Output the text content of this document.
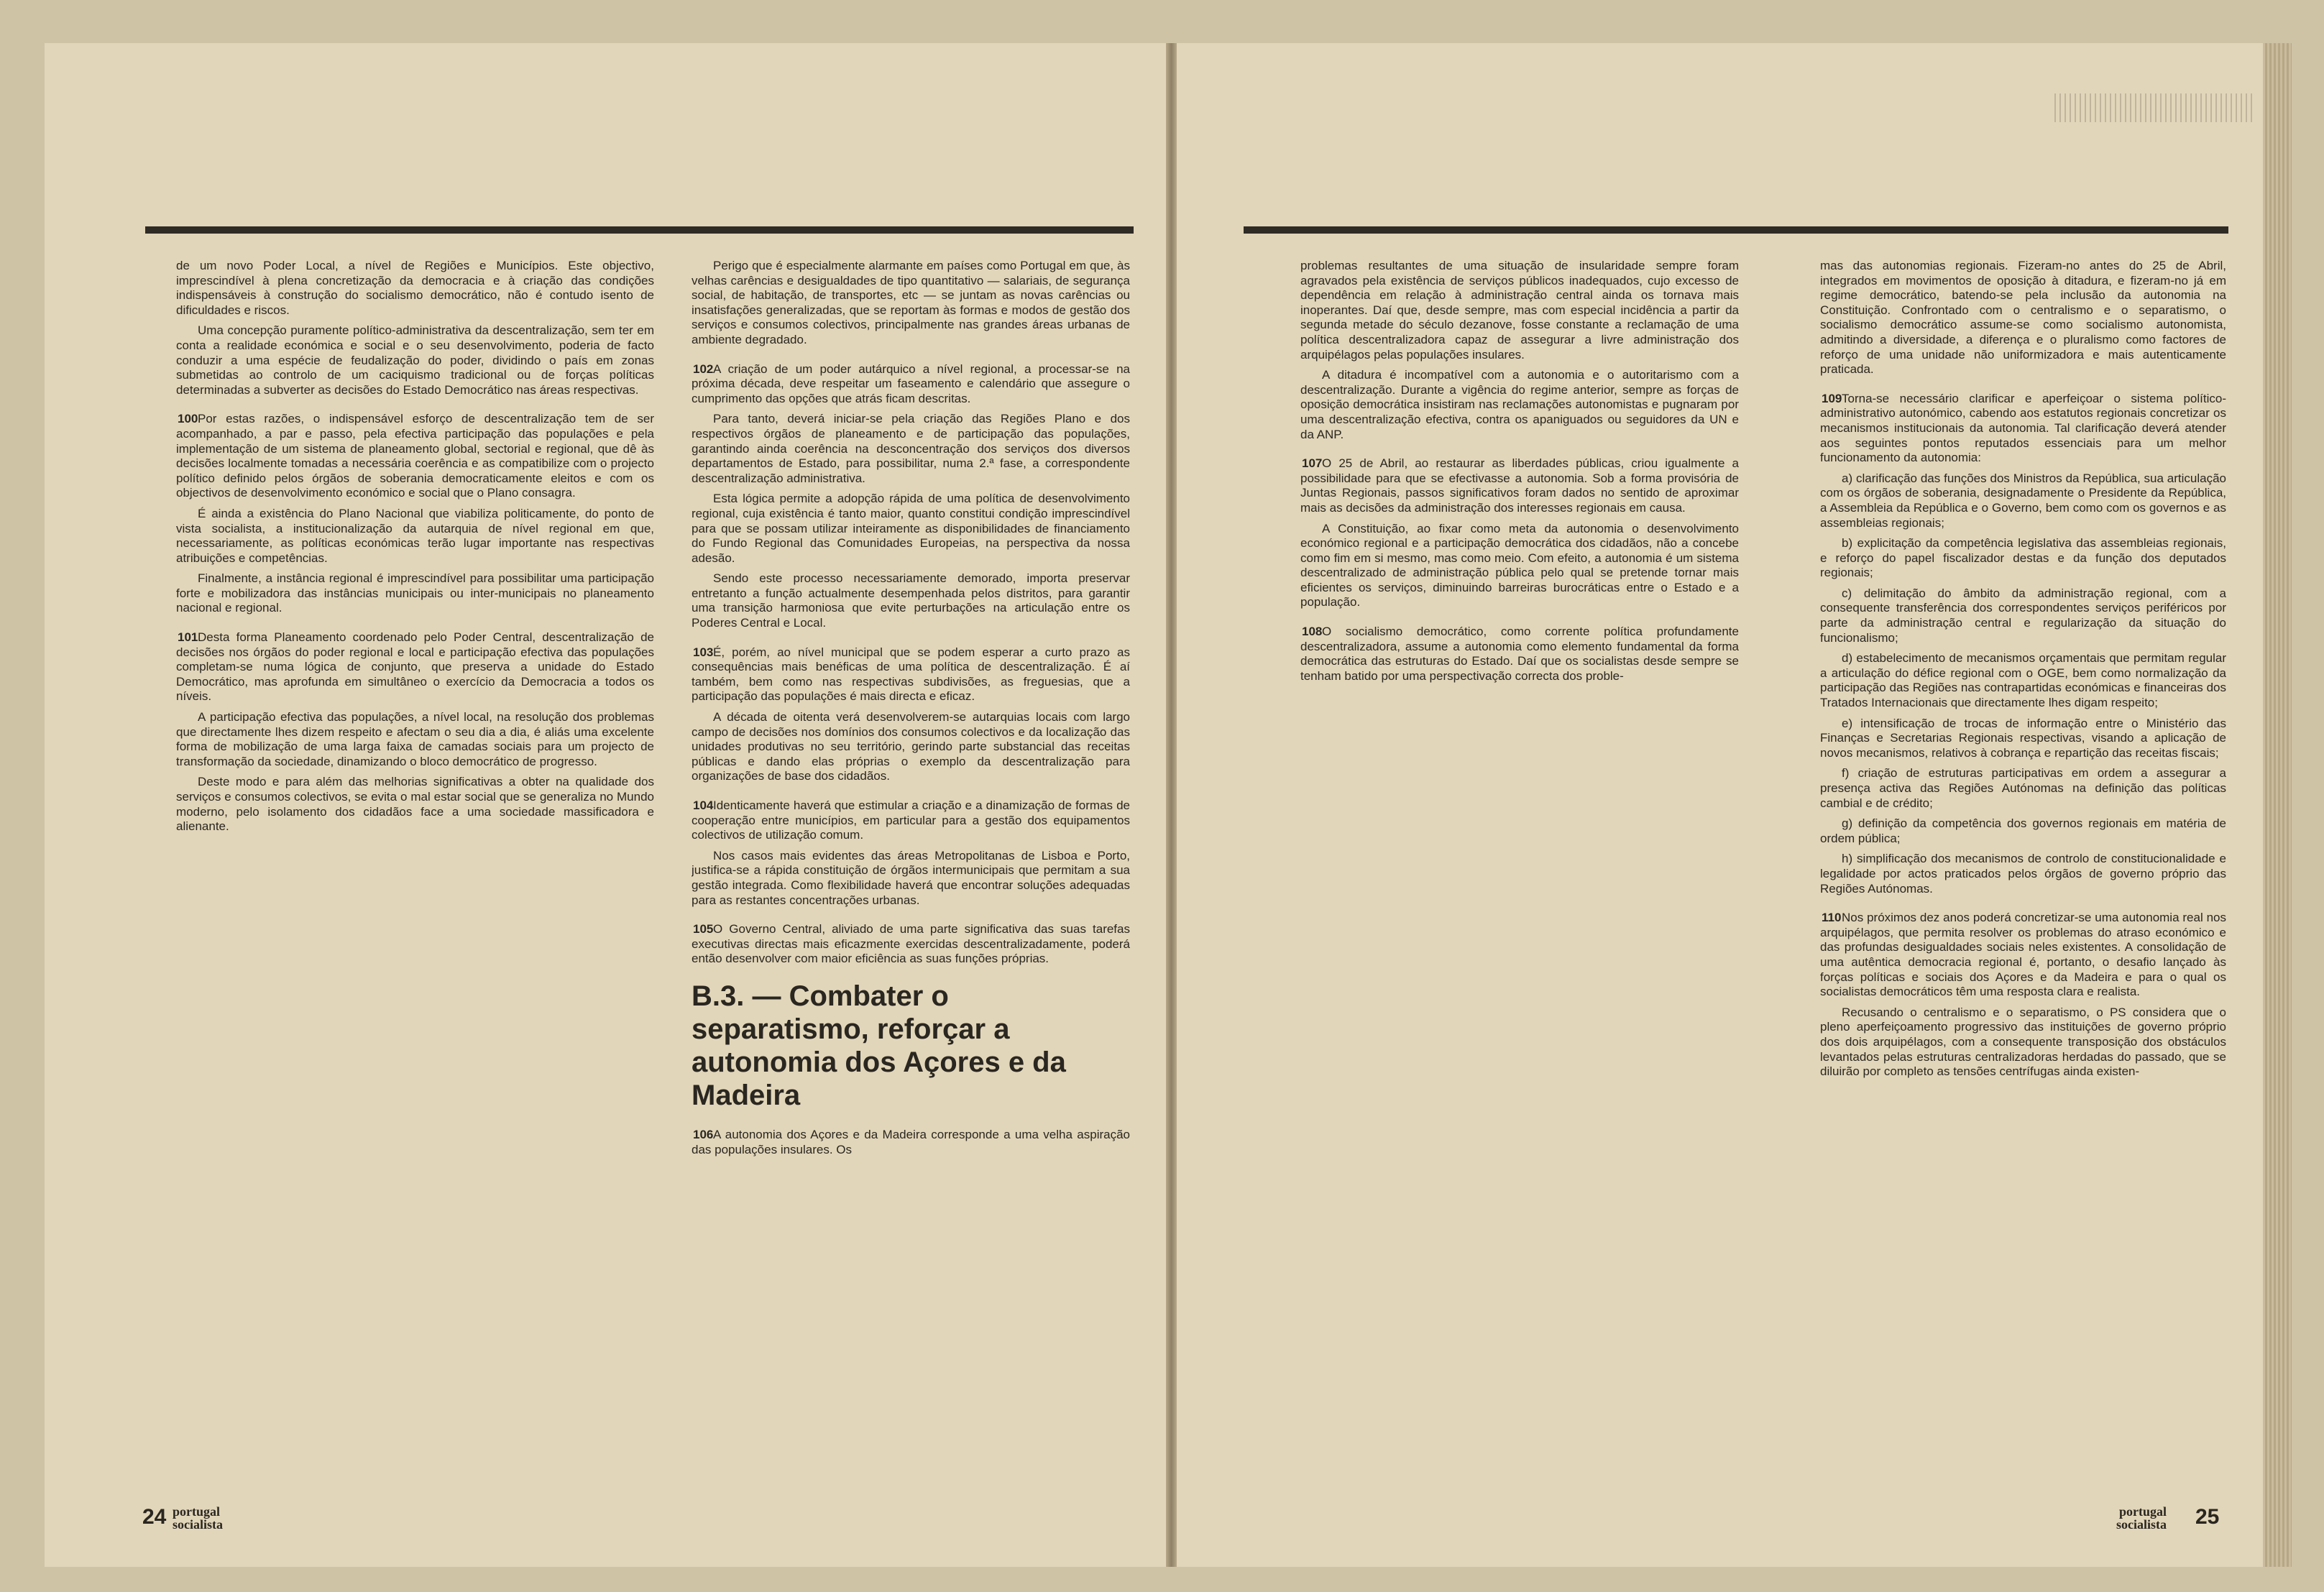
de um novo Poder Local, a nível de Regiões e Municípios. Este objectivo, imprescindível à plena concretização da democracia e à criação das condições indispensáveis à construção do socialismo democrático, não é contudo isento de dificuldades e riscos.

Uma concepção puramente político-administrativa da descentralização, sem ter em conta a realidade económica e social e o seu desenvolvimento, poderia de facto conduzir a uma espécie de feudalização do poder, dividindo o país em zonas submetidas ao controlo de um caciquismo tradicional ou de forças políticas determinadas a subverter as decisões do Estado Democrático nas áreas respectivas.

100 Por estas razões, o indispensável esforço de descentralização tem de ser acompanhado, a par e passo, pela efectiva participação das populações e pela implementação de um sistema de planeamento global, sectorial e regional, que dê às decisões localmente tomadas a necessária coerência e as compatibilize com o projecto político definido pelos órgãos de soberania democraticamente eleitos e com os objectivos de desenvolvimento económico e social que o Plano consagra.

É ainda a existência do Plano Nacional que viabiliza politicamente, do ponto de vista socialista, a institucionalização da autarquia de nível regional em que, necessariamente, as políticas económicas terão lugar importante nas respectivas atribuições e competências.

Finalmente, a instância regional é imprescindível para possibilitar uma participação forte e mobilizadora das instâncias municipais ou inter-municipais no planeamento nacional e regional.

101 Desta forma Planeamento coordenado pelo Poder Central, descentralização de decisões nos órgãos do poder regional e local e participação efectiva das populações completam-se numa lógica de conjunto, que preserva a unidade do Estado Democrático, mas aprofunda em simultâneo o exercício da Democracia a todos os níveis.

A participação efectiva das populações, a nível local, na resolução dos problemas que directamente lhes dizem respeito e afectam o seu dia a dia, é aliás uma excelente forma de mobilização de uma larga faixa de camadas sociais para um projecto de transformação da sociedade, dinamizando o bloco democrático de progresso.

Deste modo e para além das melhorias significativas a obter na qualidade dos serviços e consumos colectivos, se evita o mal estar social que se generaliza no Mundo moderno, pelo isolamento dos cidadãos face a uma sociedade massificadora e alienante.

Perigo que é especialmente alarmante em países como Portugal em que, às velhas carências e desigualdades de tipo quantitativo — salariais, de segurança social, de habitação, de transportes, etc — se juntam as novas carências ou insatisfações generalizadas, que se reportam às formas e modos de gestão dos serviços e consumos colectivos, principalmente nas grandes áreas urbanas de ambiente degradado.

102 A criação de um poder autárquico a nível regional, a processar-se na próxima década, deve respeitar um faseamento e calendário que assegure o cumprimento das opções que atrás ficam descritas.

Para tanto, deverá iniciar-se pela criação das Regiões Plano e dos respectivos órgãos de planeamento e de participação das populações, garantindo ainda coerência na desconcentração dos serviços dos diversos departamentos de Estado, para possibilitar, numa 2.ª fase, a correspondente descentralização administrativa.

Esta lógica permite a adopção rápida de uma política de desenvolvimento regional, cuja existência é tanto maior, quanto constitui condição imprescindível para que se possam utilizar inteiramente as disponibilidades de financiamento do Fundo Regional das Comunidades Europeias, na perspectiva da nossa adesão.

Sendo este processo necessariamente demorado, importa preservar entretanto a função actualmente desempenhada pelos distritos, para garantir uma transição harmoniosa que evite perturbações na articulação entre os Poderes Central e Local.

103 É, porém, ao nível municipal que se podem esperar a curto prazo as consequências mais benéficas de uma política de descentralização. É aí também, bem como nas respectivas subdivisões, as freguesias, que a participação das populações é mais directa e eficaz.

A década de oitenta verá desenvolverem-se autarquias locais com largo campo de decisões nos domínios dos consumos colectivos e da localização das unidades produtivas no seu território, gerindo parte substancial das receitas públicas e dando elas próprias o exemplo da descentralização para organizações de base dos cidadãos.

104 Identicamente haverá que estimular a criação e a dinamização de formas de cooperação entre municípios, em particular para a gestão dos equipamentos colectivos de utilização comum.

Nos casos mais evidentes das áreas Metropolitanas de Lisboa e Porto, justifica-se a rápida constituição de órgãos intermunicipais que permitam a sua gestão integrada. Como flexibilidade haverá que encontrar soluções adequadas para as restantes concentrações urbanas.

105 O Governo Central, aliviado de uma parte significativa das suas tarefas executivas directas mais eficazmente exercidas descentralizadamente, poderá então desenvolver com maior eficiência as suas funções próprias.

B.3. — Combater o separatismo, reforçar a autonomia dos Açores e da Madeira

106 A autonomia dos Açores e da Madeira corresponde a uma velha aspiração das populações insulares. Os

24 portugal
socialista

problemas resultantes de uma situação de insularidade sempre foram agravados pela existência de serviços públicos inadequados, cujo excesso de dependência em relação à administração central ainda os tornava mais inoperantes. Daí que, desde sempre, mas com especial incidência a partir da segunda metade do século dezanove, fosse constante a reclamação de uma política descentralizadora capaz de assegurar a livre administração dos arquipélagos pelas populações insulares.

A ditadura é incompatível com a autonomia e o autoritarismo com a descentralização. Durante a vigência do regime anterior, sempre as forças de oposição democrática insistiram nas reclamações autonomistas e pugnaram por uma descentralização efectiva, contra os apaniguados ou seguidores da UN e da ANP.

107 O 25 de Abril, ao restaurar as liberdades públicas, criou igualmente a possibilidade para que se efectivasse a autonomia. Sob a forma provisória de Juntas Regionais, passos significativos foram dados no sentido de aproximar mais as decisões da administração dos interesses regionais em causa.

A Constituição, ao fixar como meta da autonomia o desenvolvimento económico regional e a participação democrática dos cidadãos, não a concebe como fim em si mesmo, mas como meio. Com efeito, a autonomia é um sistema descentralizado de administração pública pelo qual se pretende tornar mais eficientes os serviços, diminuindo barreiras burocráticas entre o Estado e a população.

108 O socialismo democrático, como corrente política profundamente descentralizadora, assume a autonomia como elemento fundamental da forma democrática das estruturas do Estado. Daí que os socialistas desde sempre se tenham batido por uma perspectivação correcta dos proble-

mas das autonomias regionais. Fizeram-no antes do 25 de Abril, integrados em movimentos de oposição à ditadura, e fizeram-no já em regime democrático, batendo-se pela inclusão da autonomia na Constituição. Confrontado com o centralismo e o separatismo, o socialismo democrático assume-se como socialismo autonomista, admitindo a diversidade, a diferença e o pluralismo como factores de reforço de uma unidade não uniformizadora e mais autenticamente praticada.

109 Torna-se necessário clarificar e aperfeiçoar o sistema político-administrativo autonómico, cabendo aos estatutos regionais concretizar os mecanismos institucionais da autonomia. Tal clarificação deverá atender aos seguintes pontos reputados essenciais para um melhor funcionamento da autonomia:

a) clarificação das funções dos Ministros da República, sua articulação com os órgãos de soberania, designadamente o Presidente da República, a Assembleia da República e o Governo, bem como com os governos e as assembleias regionais;

b) explicitação da competência legislativa das assembleias regionais, e reforço do papel fiscalizador destas e da função dos deputados regionais;

c) delimitação do âmbito da administração regional, com a consequente transferência dos correspondentes serviços periféricos por parte da administração central e regularização da situação do funcionalismo;

d) estabelecimento de mecanismos orçamentais que permitam regular a articulação do défice regional com o OGE, bem como normalização da participação das Regiões nas contrapartidas económicas e financeiras dos Tratados Internacionais que directamente lhes digam respeito;

e) intensificação de trocas de informação entre o Ministério das Finanças e Secretarias Regionais respectivas, visando a aplicação de novos mecanismos, relativos à cobrança e repartição das receitas fiscais;

f) criação de estruturas participativas em ordem a assegurar a presença activa das Regiões Autónomas na definição das políticas cambial e de crédito;

g) definição da competência dos governos regionais em matéria de ordem pública;

h) simplificação dos mecanismos de controlo de constitucionalidade e legalidade por actos praticados pelos órgãos de governo próprio das Regiões Autónomas.

110 Nos próximos dez anos poderá concretizar-se uma autonomia real nos arquipélagos, que permita resolver os problemas do atraso económico e das profundas desigualdades sociais neles existentes. A consolidação de uma autêntica democracia regional é, portanto, o desafio lançado às forças políticas e sociais dos Açores e da Madeira e para o qual os socialistas democráticos têm uma resposta clara e realista.

Recusando o centralismo e o separatismo, o PS considera que o pleno aperfeiçoamento progressivo das instituições de governo próprio dos dois arquipélagos, com a consequente transposição dos obstáculos levantados pelas estruturas centralizadoras herdadas do passado, que se diluirão por completo as tensões centrífugas ainda existen-

portugal
socialista 25
